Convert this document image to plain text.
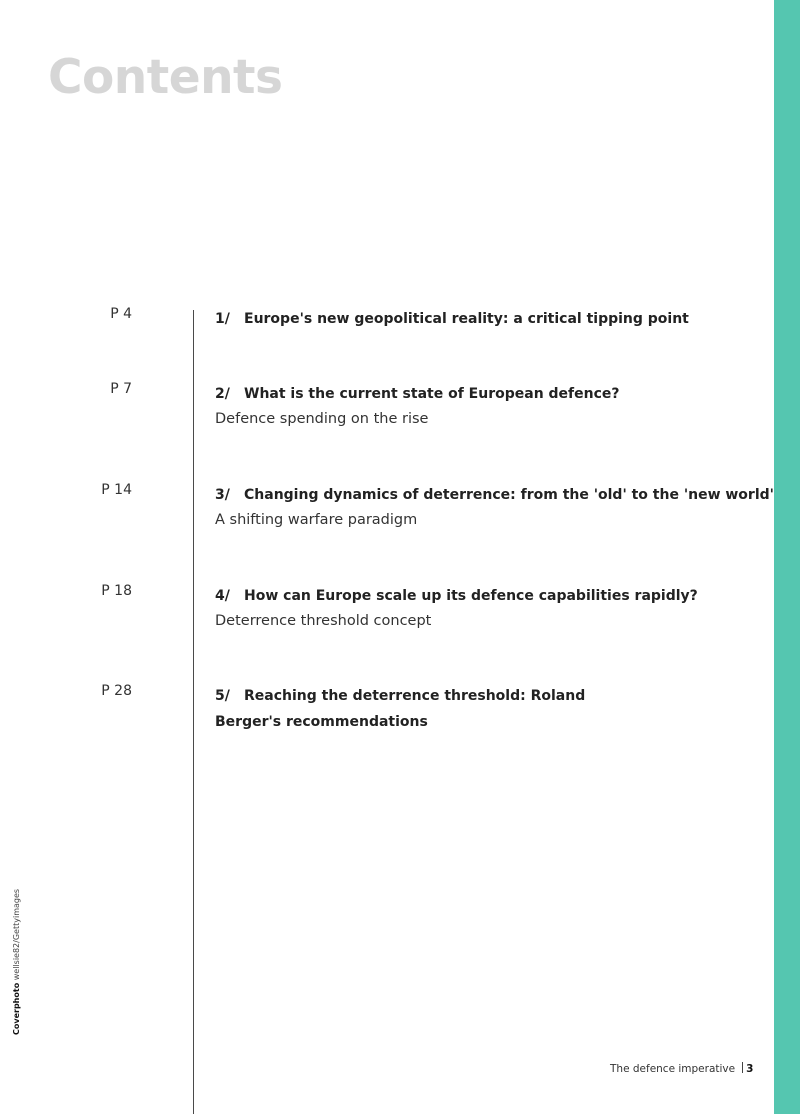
Contents
P 4	1/ Europe's new geopolitical reality: a critical tipping point
P 7	2/ What is the current state of European defence?
Defence spending on the rise
P 14	3/ Changing dynamics of deterrence: from the 'old' to the 'new world'
A shifting warfare paradigm
P 18	4/ How can Europe scale up its defence capabilities rapidly?
Deterrence threshold concept
P 28	5/ Reaching the deterrence threshold: Roland Berger's recommendations
Coverphoto wellsie82/Gettyimages
The defence imperative 3
